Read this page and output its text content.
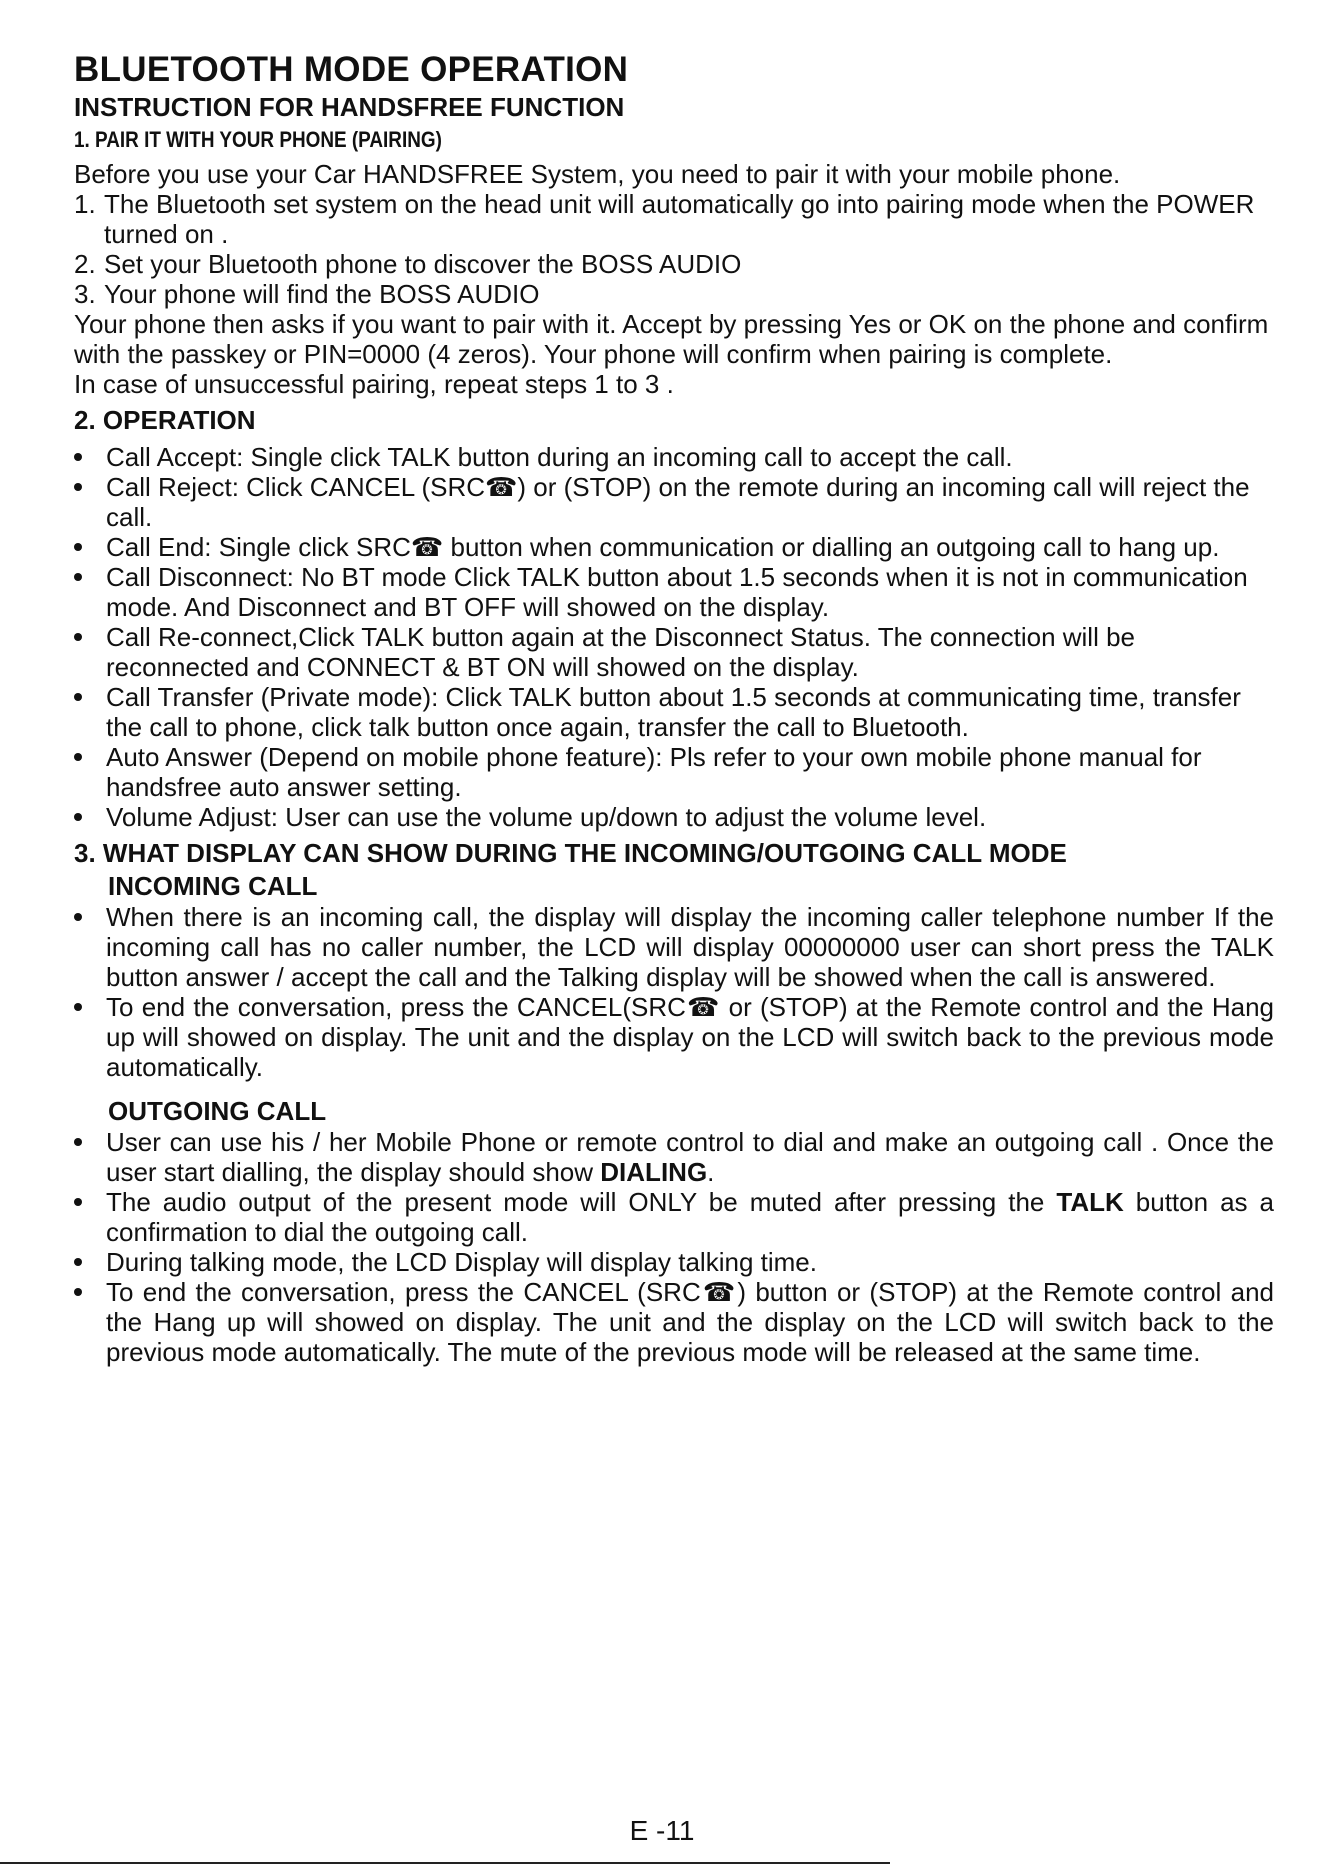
BLUETOOTH MODE OPERATION
INSTRUCTION FOR HANDSFREE FUNCTION
1. PAIR IT WITH YOUR PHONE (PAIRING)

Before you use your Car HANDSFREE System, you need to pair it with your mobile phone.

1. The Bluetooth set system on the head unit will automatically go into pairing mode when the POWER turned on .
2. Set your Bluetooth phone to discover the BOSS AUDIO
3. Your phone will find the BOSS AUDIO

Your phone then asks if you want to pair with it. Accept by pressing Yes or OK on the phone and confirm with the passkey or PIN=0000 (4 zeros). Your phone will confirm when pairing is complete.

In case of unsuccessful pairing, repeat steps 1 to 3 .

2. OPERATION
Call Accept: Single click TALK button during an incoming call to accept the call.
Call Reject: Click CANCEL (SRC☎) or (STOP) on the remote during an incoming call will reject the call.
Call End: Single click SRC☎ button when communication or dialling an outgoing call to hang up.
Call Disconnect: No BT mode Click TALK button about 1.5 seconds when it is not in communication mode. And Disconnect and BT OFF will showed on the display.
Call Re-connect,Click TALK button again at the Disconnect Status. The connection will be reconnected and CONNECT & BT ON will showed on the display.
Call Transfer (Private mode): Click TALK button about 1.5 seconds at communicating time, transfer the call to phone, click talk button once again, transfer the call to Bluetooth.
Auto Answer (Depend on mobile phone feature): Pls refer to your own mobile phone manual for handsfree auto answer setting.
Volume Adjust: User can use the volume up/down to adjust the volume level.
3. WHAT DISPLAY CAN SHOW DURING THE INCOMING/OUTGOING CALL MODE
INCOMING CALL
When there is an incoming call, the display will display the incoming caller telephone number If the incoming call has no caller number, the LCD will display 00000000 user can short press the TALK button answer / accept the call and the Talking display will be showed when the call is answered.
To end the conversation, press the CANCEL(SRC☎ or (STOP) at the Remote control and the Hang up will showed on display. The unit and the display on the LCD will switch back to the previous mode automatically.
OUTGOING CALL
User can use his / her Mobile Phone or remote control to dial and make an outgoing call . Once the user start dialling, the display should show DIALING.
The audio output of the present mode will ONLY be muted after pressing the TALK button as a confirmation to dial the outgoing call.
During talking mode, the LCD Display will display talking time.
To end the conversation, press the CANCEL (SRC☎) button or (STOP) at the Remote control and the Hang up will showed on display. The unit and the display on the LCD will switch back to the previous mode automatically. The mute of the previous mode will be released at the same time.
E -11
